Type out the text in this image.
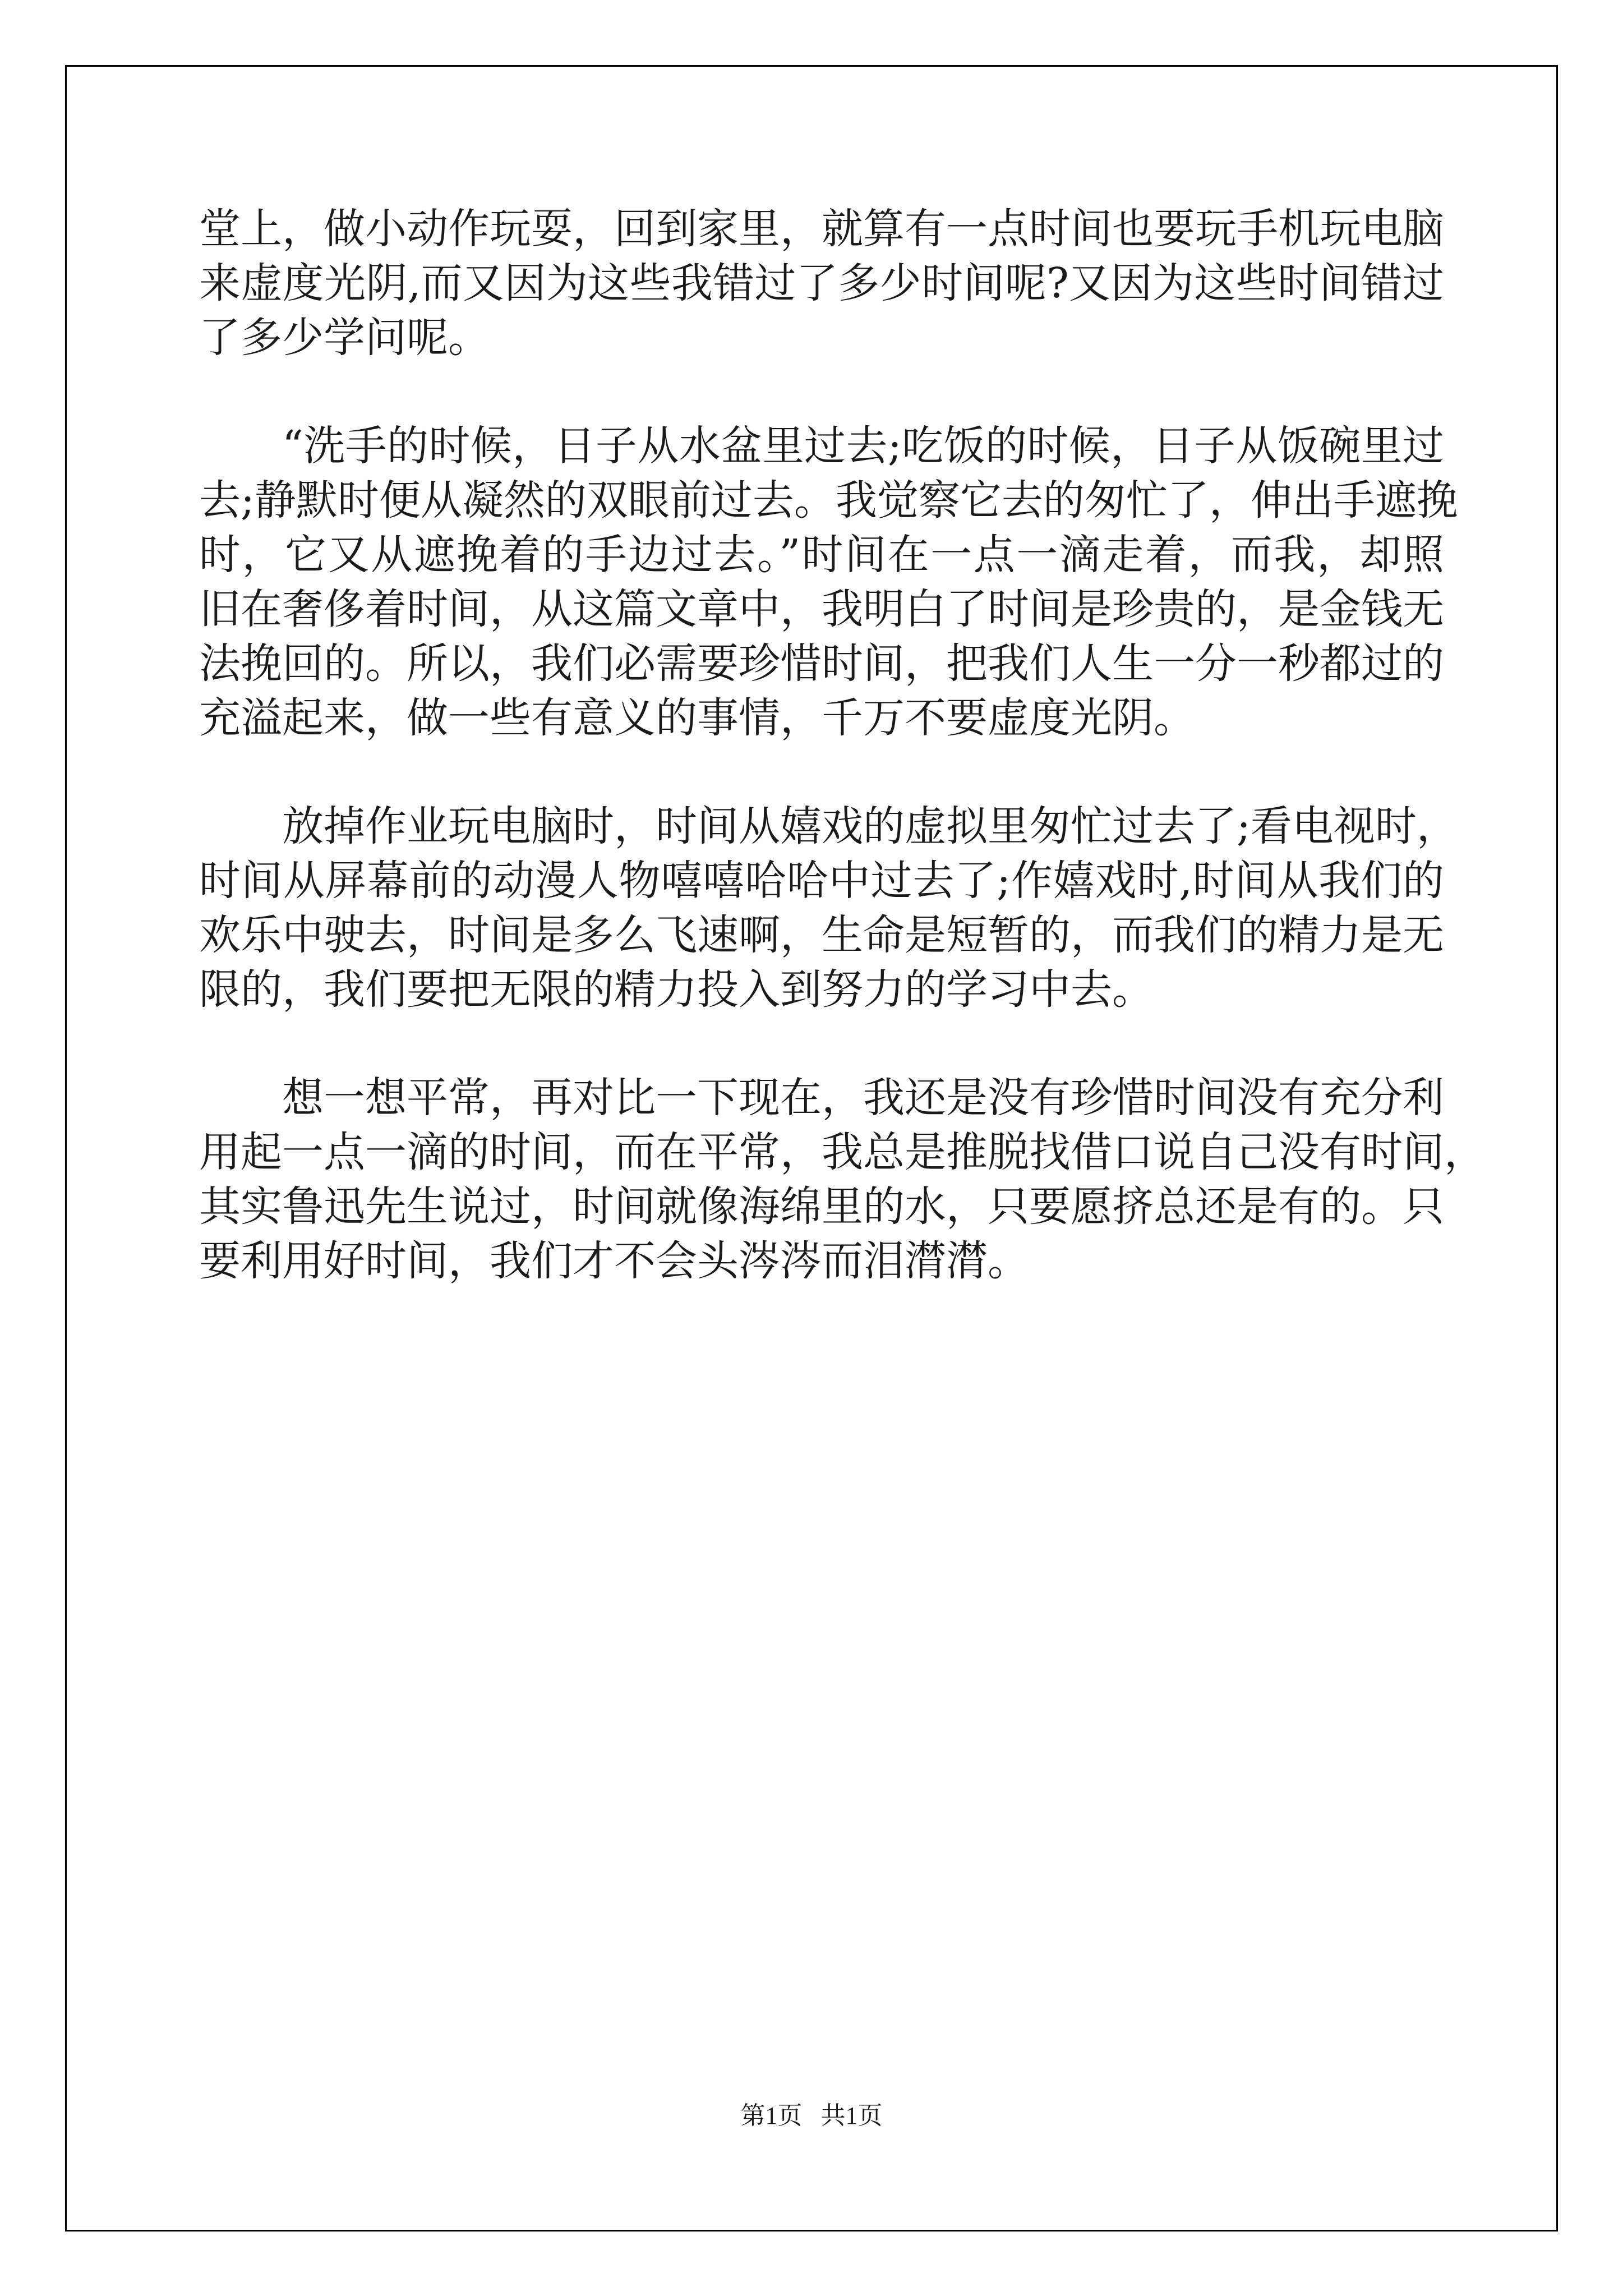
堂上，做小动作玩耍，回到家里，就算有一点时间也要玩手机玩电脑
来虚度光阴,而又因为这些我错过了多少时间呢?又因为这些时间错过
了多少学问呢。
“洗手的时候，日子从水盆里过去;吃饭的时候，日子从饭碗里过
去;静默时便从凝然的双眼前过去。我觉察它去的匆忙了，伸出手遮挽
时，它又从遮挽着的手边过去。”时间在一点一滴走着，而我，却照
旧在奢侈着时间，从这篇文章中，我明白了时间是珍贵的，是金钱无
法挽回的。所以，我们必需要珍惜时间，把我们人生一分一秒都过的
充溢起来，做一些有意义的事情，千万不要虚度光阴。
放掉作业玩电脑时，时间从嬉戏的虚拟里匆忙过去了;看电视时，
时间从屏幕前的动漫人物嘻嘻哈哈中过去了;作嬉戏时,时间从我们的
欢乐中驶去，时间是多么飞速啊，生命是短暂的，而我们的精力是无
限的，我们要把无限的精力投入到努力的学习中去。
想一想平常，再对比一下现在，我还是没有珍惜时间没有充分利
用起一点一滴的时间，而在平常，我总是推脱找借口说自己没有时间，
其实鲁迅先生说过，时间就像海绵里的水，只要愿挤总还是有的。只
要利用好时间，我们才不会头涔涔而泪潸潸。
第1页   共1页
